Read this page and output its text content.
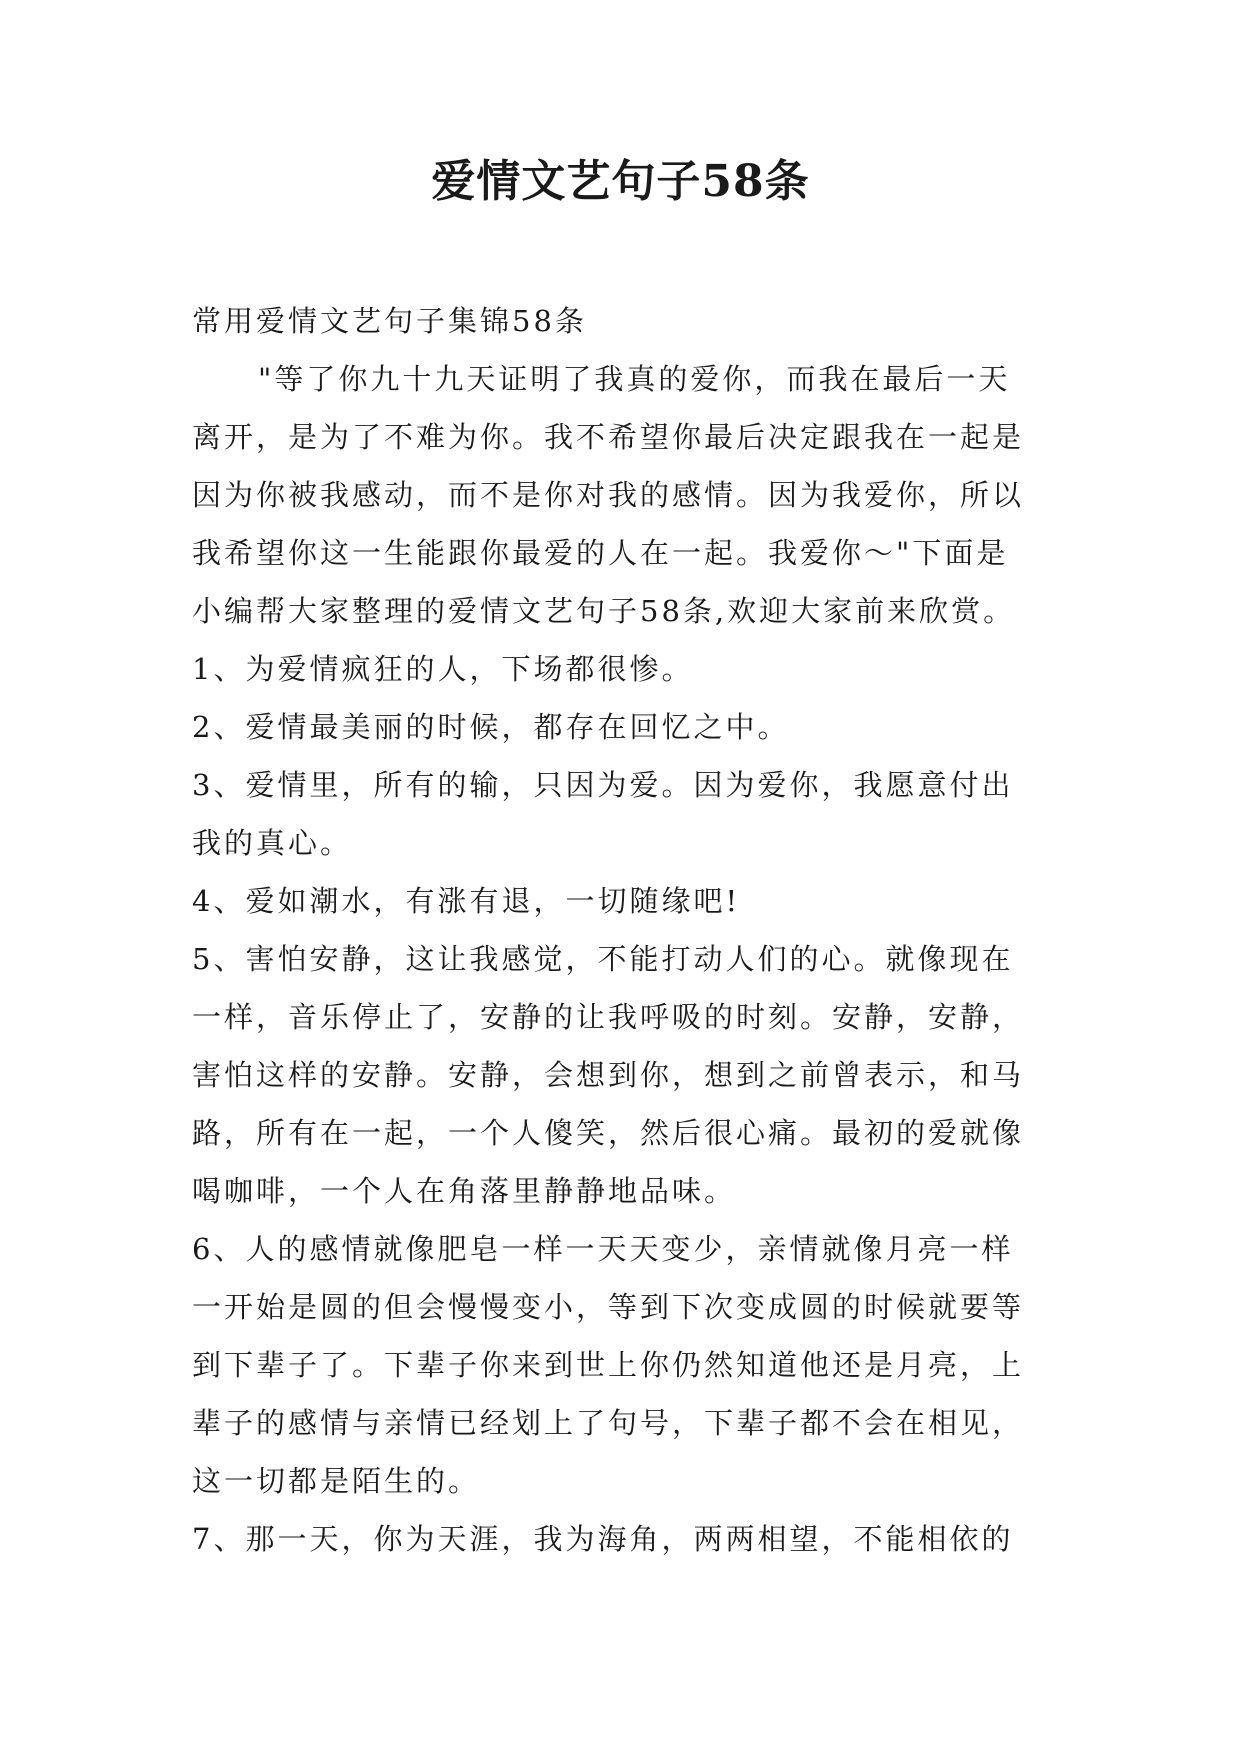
爱情文艺句子58条
常用爱情文艺句子集锦58条
"等了你九十九天证明了我真的爱你，而我在最后一天
离开，是为了不难为你。我不希望你最后决定跟我在一起是
因为你被我感动，而不是你对我的感情。因为我爱你，所以
我希望你这一生能跟你最爱的人在一起。我爱你～"下面是
小编帮大家整理的爱情文艺句子58条,欢迎大家前来欣赏。
1、为爱情疯狂的人，下场都很惨。
2、爱情最美丽的时候，都存在回忆之中。
3、爱情里，所有的输，只因为爱。因为爱你，我愿意付出
我的真心。
4、爱如潮水，有涨有退，一切随缘吧!
5、害怕安静，这让我感觉，不能打动人们的心。就像现在
一样，音乐停止了，安静的让我呼吸的时刻。安静，安静，
害怕这样的安静。安静，会想到你，想到之前曾表示，和马
路，所有在一起，一个人傻笑，然后很心痛。最初的爱就像
喝咖啡，一个人在角落里静静地品味。
6、人的感情就像肥皂一样一天天变少，亲情就像月亮一样
一开始是圆的但会慢慢变小，等到下次变成圆的时候就要等
到下辈子了。下辈子你来到世上你仍然知道他还是月亮，上
辈子的感情与亲情已经划上了句号，下辈子都不会在相见，
这一切都是陌生的。
7、那一天，你为天涯，我为海角，两两相望，不能相依的
